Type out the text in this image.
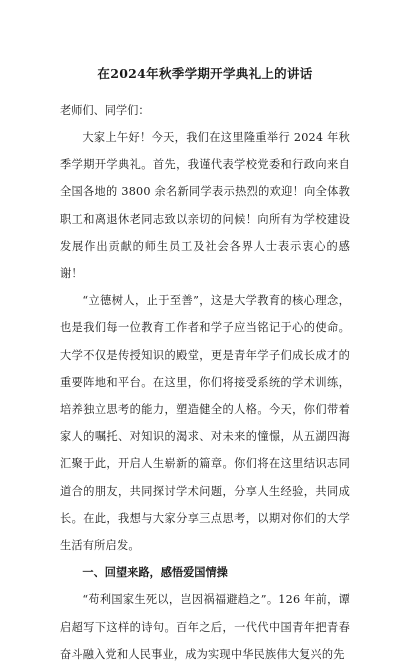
在2024年秋季学期开学典礼上的讲话

老师们、同学们：

大家上午好！今天，我们在这里隆重举行 2024 年秋季学期开学典礼。首先，我谨代表学校党委和行政向来自全国各地的 3800 余名新同学表示热烈的欢迎！向全体教职工和离退休老同志致以亲切的问候！向所有为学校建设发展作出贡献的师生员工及社会各界人士表示衷心的感谢！

“立德树人，止于至善”，这是大学教育的核心理念，也是我们每一位教育工作者和学子应当铭记于心的使命。大学不仅是传授知识的殿堂，更是青年学子们成长成才的重要阵地和平台。在这里，你们将接受系统的学术训练，培养独立思考的能力，塑造健全的人格。今天，你们带着家人的嘱托、对知识的渴求、对未来的憧憬，从五湖四海汇聚于此，开启人生崭新的篇章。你们将在这里结识志同道合的朋友，共同探讨学术问题，分享人生经验，共同成长。在此，我想与大家分享三点思考，以期对你们的大学生活有所启发。

一、回望来路，感悟爱国情操

“苟利国家生死以，岂因祸福避趋之”。126 年前，谭启超写下这样的诗句。百年之后，一代代中国青年把青春奋斗融入党和人民事业，成为实现中华民族伟大复兴的先
